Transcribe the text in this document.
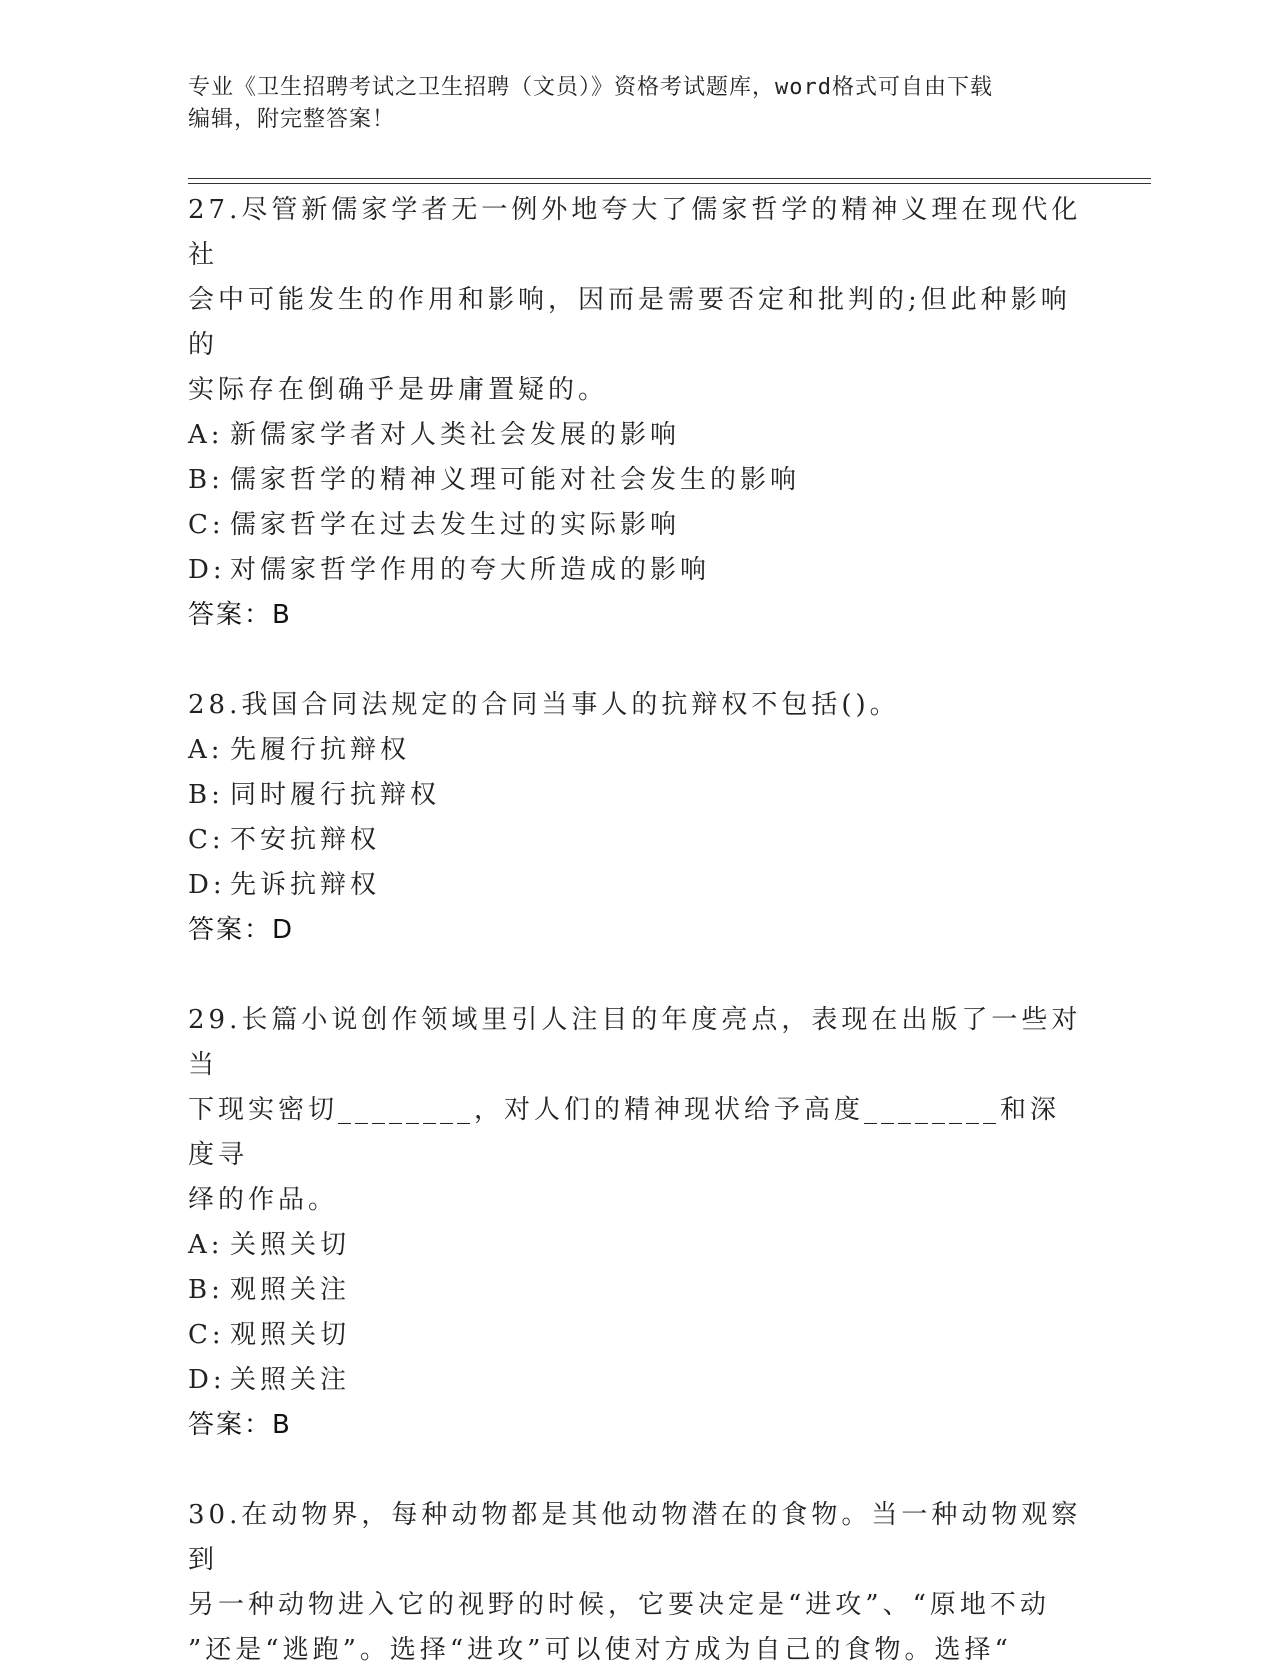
专业《卫生招聘考试之卫生招聘（文员）》资格考试题库，word格式可自由下载
编辑，附完整答案！

27.尽管新儒家学者无一例外地夸大了儒家哲学的精神义理在现代化社

会中可能发生的作用和影响，因而是需要否定和批判的;但此种影响的

实际存在倒确乎是毋庸置疑的。

A: 新儒家学者对人类社会发展的影响

B: 儒家哲学的精神义理可能对社会发生的影响

C: 儒家哲学在过去发生过的实际影响

D: 对儒家哲学作用的夸大所造成的影响

答案：B

28.我国合同法规定的合同当事人的抗辩权不包括()。

A: 先履行抗辩权

B: 同时履行抗辩权

C: 不安抗辩权

D: 先诉抗辩权

答案：D

29.长篇小说创作领域里引人注目的年度亮点，表现在出版了一些对当

下现实密切________，对人们的精神现状给予高度________和深度寻

绎的作品。

A: 关照关切

B: 观照关注

C: 观照关切

D: 关照关注

答案：B

30.在动物界，每种动物都是其他动物潜在的食物。当一种动物观察到

另一种动物进入它的视野的时候，它要决定是“进攻”、“原地不动

”还是“逃跑”。选择“进攻”可以使对方成为自己的食物。选择“
